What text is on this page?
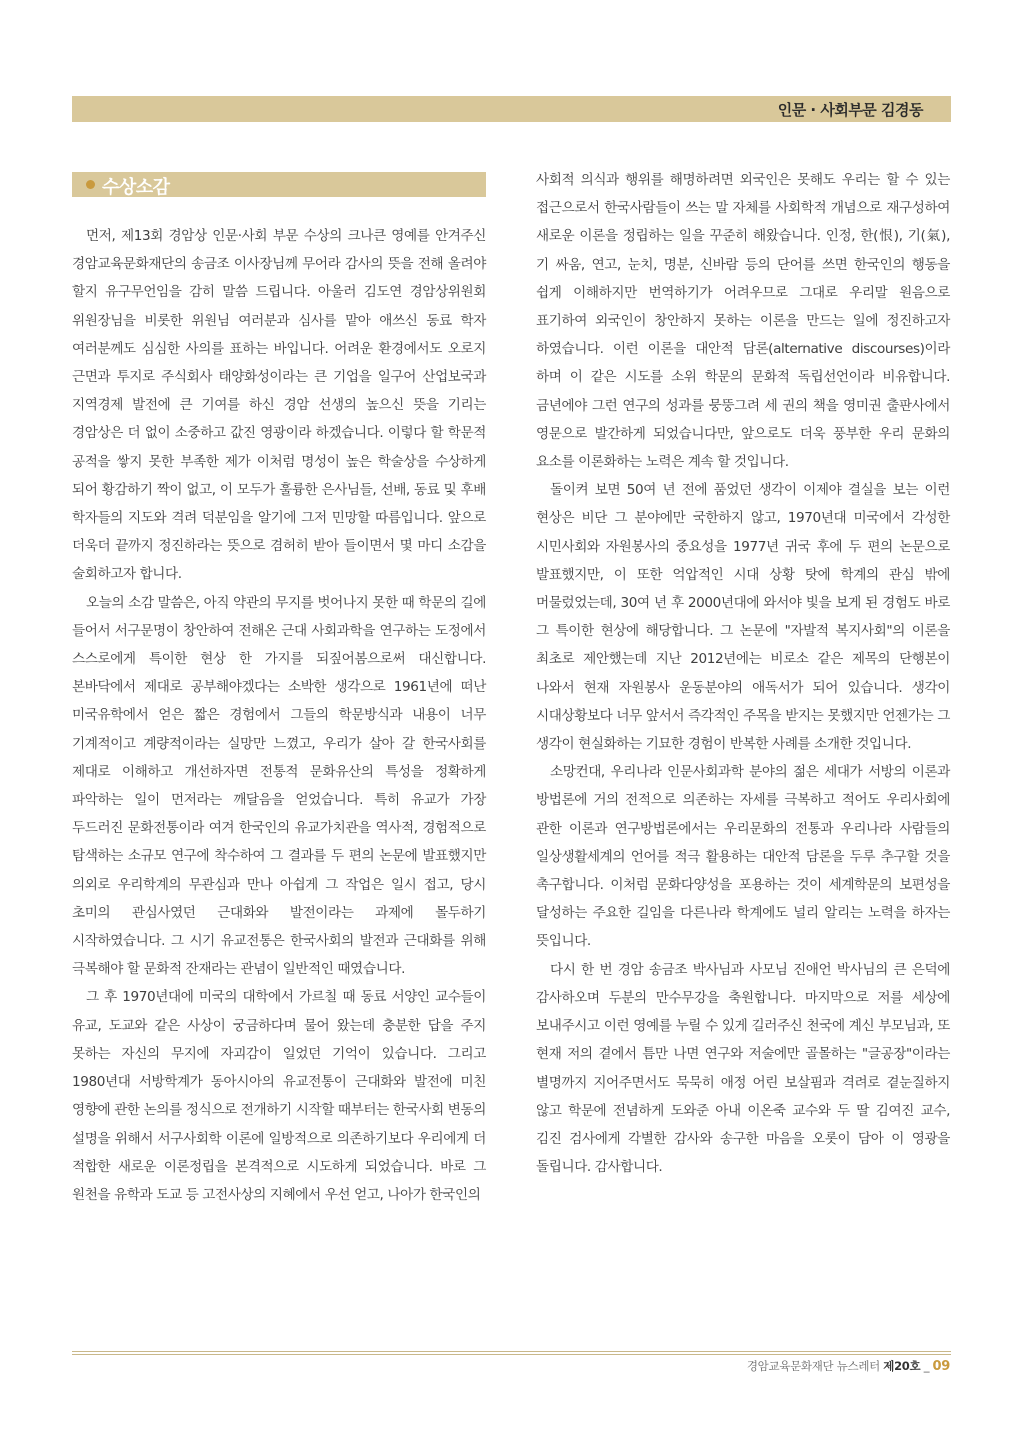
인문 · 사회부문 김경동
수상소감

먼저, 제13회 경암상 인문·사회 부문 수상의 크나큰 영예를 안겨주신 경암교육문화재단의 송금조 이사장님께 무어라 감사의 뜻을 전해 올려야 할지 유구무언임을 감히 말씀 드립니다. 아울러 김도연 경암상위원회 위원장님을 비롯한 위원님 여러분과 심사를 맡아 애쓰신 동료 학자 여러분께도 심심한 사의를 표하는 바입니다. 어려운 환경에서도 오로지 근면과 투지로 주식회사 태양화성이라는 큰 기업을 일구어 산업보국과 지역경제 발전에 큰 기여를 하신 경암 선생의 높으신 뜻을 기리는 경암상은 더 없이 소중하고 값진 영광이라 하겠습니다. 이렇다 할 학문적 공적을 쌓지 못한 부족한 제가 이처럼 명성이 높은 학술상을 수상하게 되어 황감하기 짝이 없고, 이 모두가 훌륭한 은사님들, 선배, 동료 및 후배 학자들의 지도와 격려 덕분임을 알기에 그저 민망할 따름입니다. 앞으로 더욱더 끝까지 정진하라는 뜻으로 겸허히 받아 들이면서 몇 마디 소감을 술회하고자 합니다.

오늘의 소감 말씀은, 아직 약관의 무지를 벗어나지 못한 때 학문의 길에 들어서 서구문명이 창안하여 전해온 근대 사회과학을 연구하는 도정에서 스스로에게 특이한 현상 한 가지를 되짚어봄으로써 대신합니다. 본바닥에서 제대로 공부해야겠다는 소박한 생각으로 1961년에 떠난 미국유학에서 얻은 짧은 경험에서 그들의 학문방식과 내용이 너무 기계적이고 계량적이라는 실망만 느꼈고, 우리가 살아 갈 한국사회를 제대로 이해하고 개선하자면 전통적 문화유산의 특성을 정확하게 파악하는 일이 먼저라는 깨달음을 얻었습니다. 특히 유교가 가장 두드러진 문화전통이라 여겨 한국인의 유교가치관을 역사적, 경험적으로 탐색하는 소규모 연구에 착수하여 그 결과를 두 편의 논문에 발표했지만 의외로 우리학계의 무관심과 만나 아쉽게 그 작업은 일시 접고, 당시 초미의 관심사였던 근대화와 발전이라는 과제에 몰두하기 시작하였습니다. 그 시기 유교전통은 한국사회의 발전과 근대화를 위해 극복해야 할 문화적 잔재라는 관념이 일반적인 때였습니다.

그 후 1970년대에 미국의 대학에서 가르칠 때 동료 서양인 교수들이 유교, 도교와 같은 사상이 궁금하다며 물어 왔는데 충분한 답을 주지 못하는 자신의 무지에 자괴감이 일었던 기억이 있습니다. 그리고 1980년대 서방학계가 동아시아의 유교전통이 근대화와 발전에 미친 영향에 관한 논의를 정식으로 전개하기 시작할 때부터는 한국사회 변동의 설명을 위해서 서구사회학 이론에 일방적으로 의존하기보다 우리에게 더 적합한 새로운 이론정립을 본격적으로 시도하게 되었습니다. 바로 그 원천을 유학과 도교 등 고전사상의 지혜에서 우선 얻고, 나아가 한국인의

사회적 의식과 행위를 해명하려면 외국인은 못해도 우리는 할 수 있는 접근으로서 한국사람들이 쓰는 말 자체를 사회학적 개념으로 재구성하여 새로운 이론을 정립하는 일을 꾸준히 해왔습니다. 인정, 한(恨), 기(氣), 기 싸움, 연고, 눈치, 명분, 신바람 등의 단어를 쓰면 한국인의 행동을 쉽게 이해하지만 번역하기가 어려우므로 그대로 우리말 원음으로 표기하여 외국인이 창안하지 못하는 이론을 만드는 일에 정진하고자 하였습니다. 이런 이론을 대안적 담론(alternative discourses)이라 하며 이 같은 시도를 소위 학문의 문화적 독립선언이라 비유합니다. 금년에야 그런 연구의 성과를 뭉뚱그려 세 권의 책을 영미권 출판사에서 영문으로 발간하게 되었습니다만, 앞으로도 더욱 풍부한 우리 문화의 요소를 이론화하는 노력은 계속 할 것입니다.

돌이켜 보면 50여 년 전에 품었던 생각이 이제야 결실을 보는 이런 현상은 비단 그 분야에만 국한하지 않고, 1970년대 미국에서 각성한 시민사회와 자원봉사의 중요성을 1977년 귀국 후에 두 편의 논문으로 발표했지만, 이 또한 억압적인 시대 상황 탓에 학계의 관심 밖에 머물렀었는데, 30여 년 후 2000년대에 와서야 빛을 보게 된 경험도 바로 그 특이한 현상에 해당합니다. 그 논문에 "자발적 복지사회"의 이론을 최초로 제안했는데 지난 2012년에는 비로소 같은 제목의 단행본이 나와서 현재 자원봉사 운동분야의 애독서가 되어 있습니다. 생각이 시대상황보다 너무 앞서서 즉각적인 주목을 받지는 못했지만 언젠가는 그 생각이 현실화하는 기묘한 경험이 반복한 사례를 소개한 것입니다.

소망컨대, 우리나라 인문사회과학 분야의 젊은 세대가 서방의 이론과 방법론에 거의 전적으로 의존하는 자세를 극복하고 적어도 우리사회에 관한 이론과 연구방법론에서는 우리문화의 전통과 우리나라 사람들의 일상생활세계의 언어를 적극 활용하는 대안적 담론을 두루 추구할 것을 촉구합니다. 이처럼 문화다양성을 포용하는 것이 세계학문의 보편성을 달성하는 주요한 길임을 다른나라 학계에도 널리 알리는 노력을 하자는 뜻입니다.

다시 한 번 경암 송금조 박사님과 사모님 진애언 박사님의 큰 은덕에 감사하오며 두분의 만수무강을 축원합니다. 마지막으로 저를 세상에 보내주시고 이런 영예를 누릴 수 있게 길러주신 천국에 계신 부모님과, 또 현재 저의 곁에서 틈만 나면 연구와 저술에만 골몰하는 "글공장"이라는 별명까지 지어주면서도 묵묵히 애정 어린 보살핌과 격려로 곁눈질하지 않고 학문에 전념하게 도와준 아내 이온죽 교수와 두 딸 김여진 교수, 김진 검사에게 각별한 감사와 송구한 마음을 오롯이 담아 이 영광을 돌립니다. 감사합니다.

경암교육문화재단 뉴스레터 제20호 _ 09
